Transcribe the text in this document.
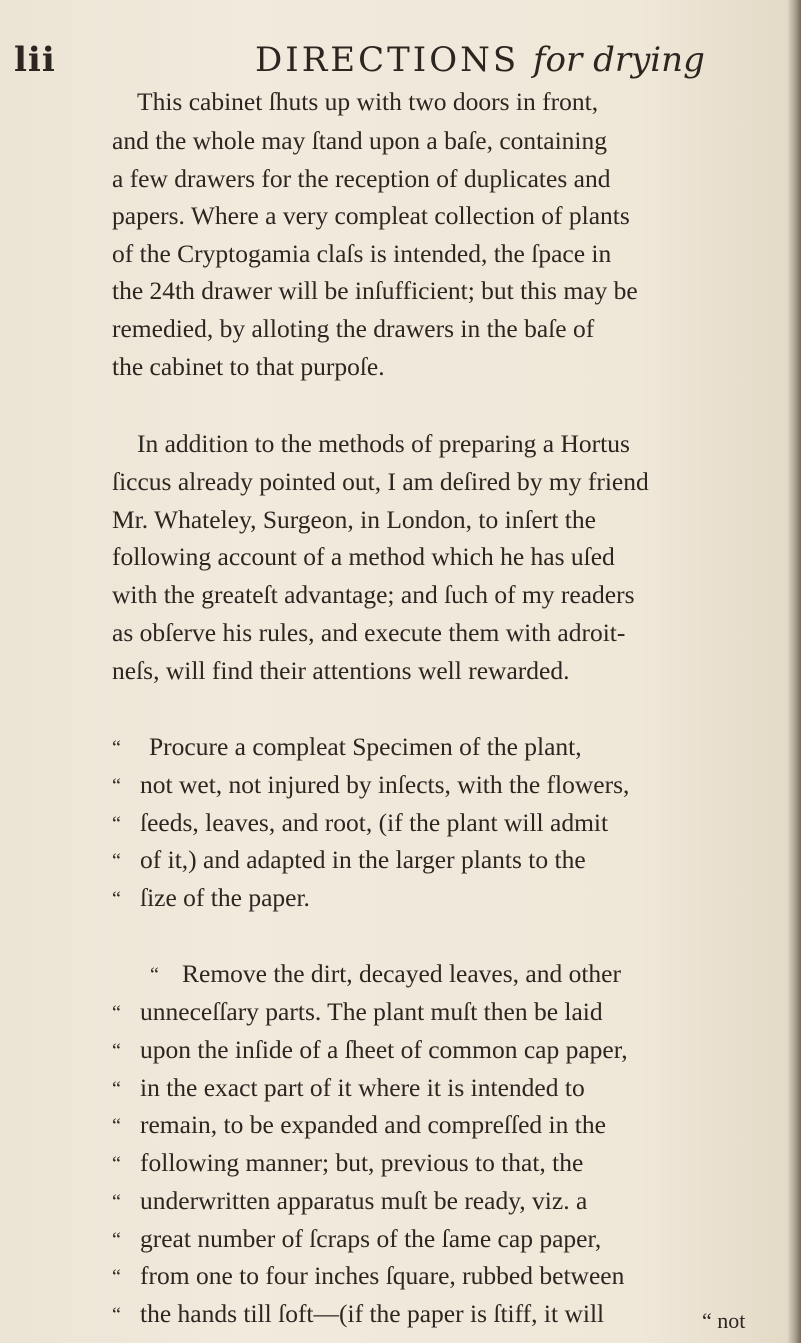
lii	DIRECTIONS for drying
This cabinet ſhuts up with two doors in front,
and the whole may ſtand upon a baſe, containing
a few drawers for the reception of duplicates and
papers. Where a very compleat collection of plants
of the Cryptogamia claſs is intended, the ſpace in
the 24th drawer will be inſufficient; but this may be
remedied, by alloting the drawers in the baſe of
the cabinet to that purpoſe.
In addition to the methods of preparing a Hortus
ſiccus already pointed out, I am deſired by my friend
Mr. Whateley, Surgeon, in London, to inſert the
following account of a method which he has uſed
with the greateſt advantage; and ſuch of my readers
as obſerve his rules, and execute them with adroit-
neſs, will find their attentions well rewarded.
“ Procure a compleat Specimen of the plant,
“ not wet, not injured by inſects, with the flowers,
“ ſeeds, leaves, and root, (if the plant will admit
“ of it,) and adapted in the larger plants to the
“ ſize of the paper.
“ Remove the dirt, decayed leaves, and other
“ unneceſſary parts. The plant muſt then be laid
“ upon the inſide of a ſheet of common cap paper,
“ in the exact part of it where it is intended to
“ remain, to be expanded and compreſſed in the
“ following manner; but, previous to that, the
“ underwritten apparatus muſt be ready, viz. a
“ great number of ſcraps of the ſame cap paper,
“ from one to four inches ſquare, rubbed between
“ the hands till ſoft—(if the paper is ſtiff, it will	“ not
